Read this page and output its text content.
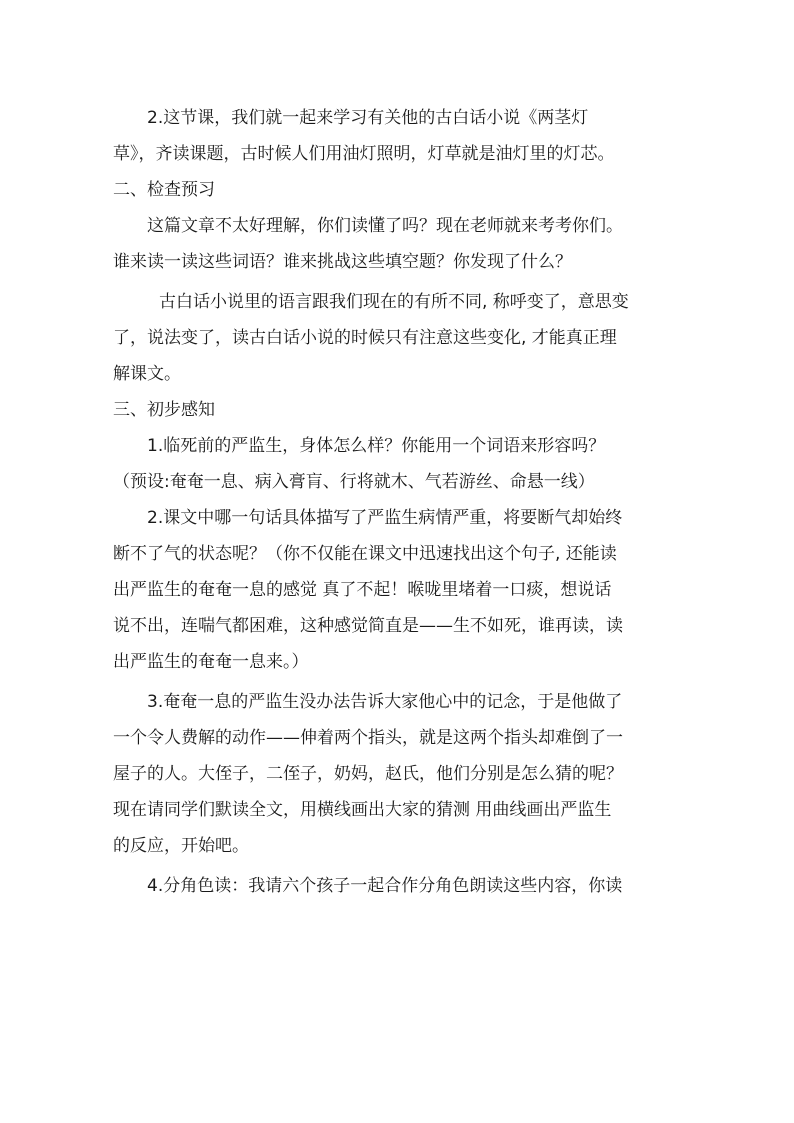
2.这节课，我们就一起来学习有关他的古白话小说《两茎灯
草》，齐读课题，古时候人们用油灯照明，灯草就是油灯里的灯芯。
二、检查预习
这篇文章不太好理解，你们读懂了吗？现在老师就来考考你们。
谁来读一读这些词语？谁来挑战这些填空题？你发现了什么？
古白话小说里的语言跟我们现在的有所不同, 称呼变了，意思变
了，说法变了，读古白话小说的时候只有注意这些变化, 才能真正理
解课文。
三、初步感知
1.临死前的严监生，身体怎么样？你能用一个词语来形容吗？
（预设:奄奄一息、病入膏肓、行将就木、气若游丝、命悬一线）
2.课文中哪一句话具体描写了严监生病情严重，将要断气却始终
断不了气的状态呢？（你不仅能在课文中迅速找出这个句子, 还能读
出严监生的奄奄一息的感觉 真了不起！喉咙里堵着一口痰，想说话
说不出，连喘气都困难，这种感觉简直是——生不如死，谁再读，读
出严监生的奄奄一息来。）
3.奄奄一息的严监生没办法告诉大家他心中的记念，于是他做了
一个令人费解的动作——伸着两个指头，就是这两个指头却难倒了一
屋子的人。大侄子，二侄子，奶妈，赵氏，他们分别是怎么猜的呢？
现在请同学们默读全文，用横线画出大家的猜测 用曲线画出严监生
的反应，开始吧。
4.分角色读：我请六个孩子一起合作分角色朗读这些内容，你读
